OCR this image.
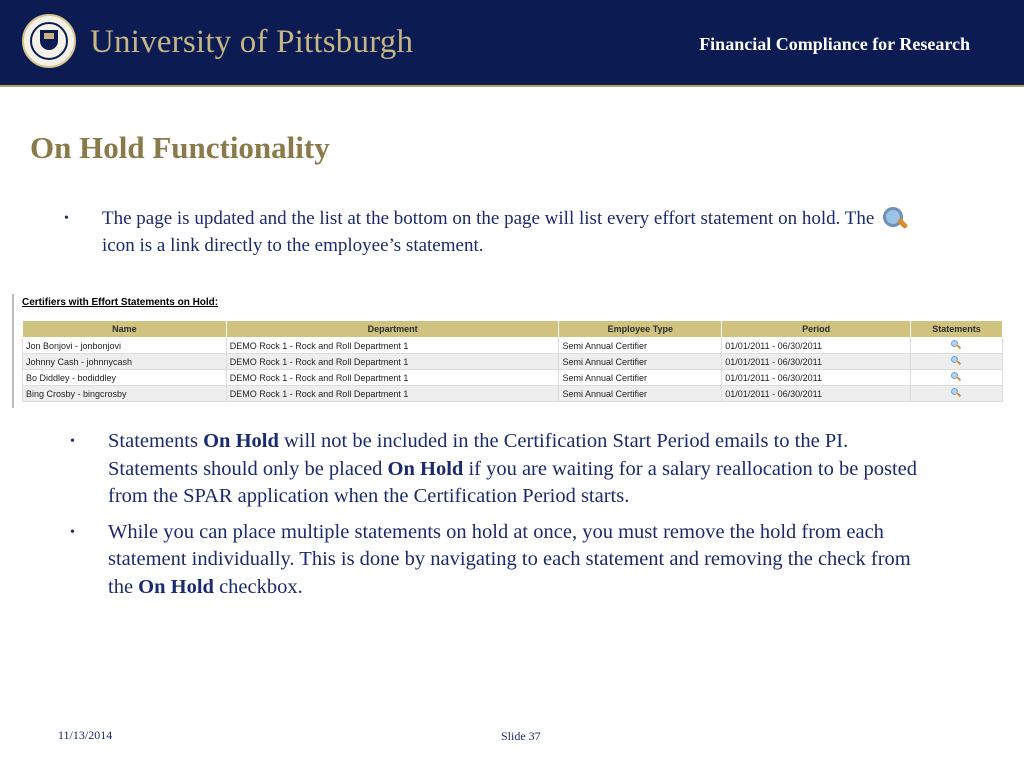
University of Pittsburgh	Financial Compliance for Research
On Hold Functionality
•	The page is updated and the list at the bottom on the page will list every effort statement on hold. The
icon is a link directly to the employee’s statement.
Certifiers with Effort Statements on Hold:
Name	Department	Employee Type	Period	Statements
Jon Bonjovi - jonbonjovi	DEMO Rock 1 - Rock and Roll Department 1	Semi Annual Certifier	01/01/2011 - 06/30/2011	

Johnny Cash - johnnycash	DEMO Rock 1 - Rock and Roll Department 1	Semi Annual Certifier	01/01/2011 - 06/30/2011	

Bo Diddley - bodiddley	DEMO Rock 1 - Rock and Roll Department 1	Semi Annual Certifier	01/01/2011 - 06/30/2011	

Bing Crosby - bingcrosby	DEMO Rock 1 - Rock and Roll Department 1	Semi Annual Certifier	01/01/2011 - 06/30/2011	
•	Statements On Hold will not be included in the Certification Start Period emails to the PI. Statements should only be placed On Hold if you are waiting for a salary reallocation to be posted from the SPAR application when the Certification Period starts.
•	While you can place multiple statements on hold at once, you must remove the hold from each statement individually. This is done by navigating to each statement and removing the check from the On Hold checkbox.
11/13/2014	Slide 37
